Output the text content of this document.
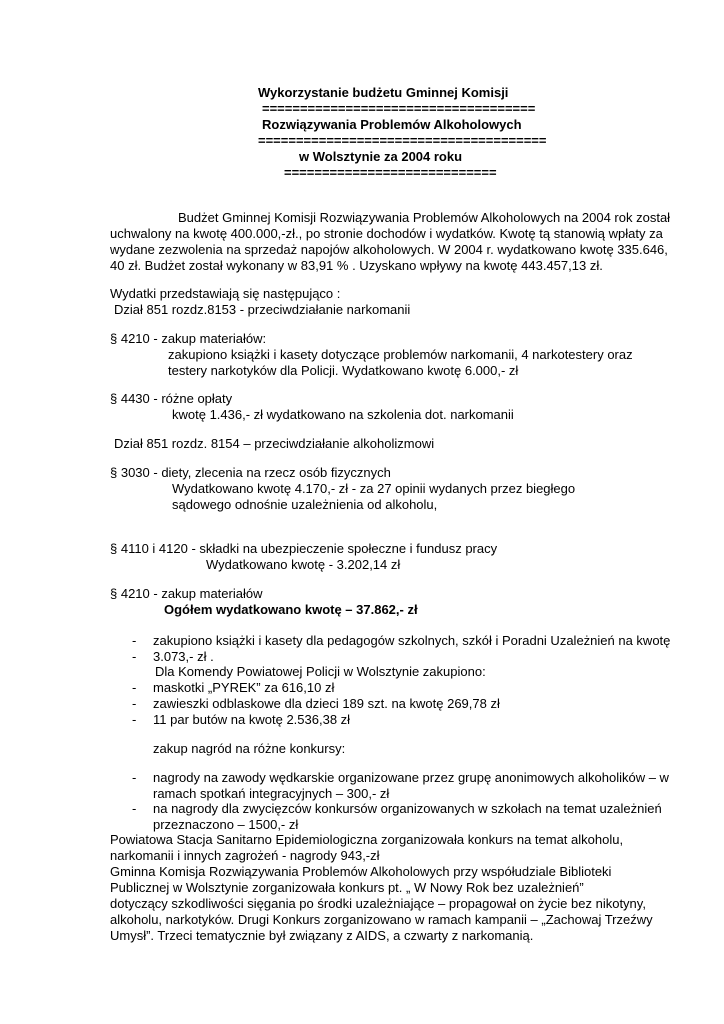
Wykorzystanie budżetu Gminnej Komisji
====================================
Rozwiązywania Problemów Alkoholowych
======================================
w Wolsztynie za 2004 roku
============================
Budżet Gminnej Komisji Rozwiązywania Problemów Alkoholowych na 2004 rok został
uchwalony na kwotę 400.000,-zł., po stronie dochodów i wydatków. Kwotę tą stanowią wpłaty za
wydane zezwolenia na sprzedaż napojów alkoholowych. W 2004 r. wydatkowano kwotę 335.646,
40 zł. Budżet został wykonany w 83,91 % . Uzyskano wpływy na kwotę 443.457,13 zł.
Wydatki przedstawiają się następująco :
Dział 851 rozdz.8153 - przeciwdziałanie narkomanii
§ 4210 - zakup materiałów:
zakupiono książki i kasety dotyczące problemów narkomanii, 4 narkotestery oraz
testery narkotyków dla Policji. Wydatkowano kwotę 6.000,- zł
§ 4430 - różne opłaty
kwotę 1.436,- zł wydatkowano na szkolenia dot. narkomanii
Dział 851 rozdz. 8154 – przeciwdziałanie alkoholizmowi
§ 3030 - diety, zlecenia na rzecz osób fizycznych
Wydatkowano kwotę 4.170,- zł - za 27 opinii wydanych przez biegłego
sądowego odnośnie uzależnienia od alkoholu,
§ 4110 i 4120 - składki na ubezpieczenie społeczne i fundusz pracy
Wydatkowano kwotę - 3.202,14 zł
§ 4210 - zakup materiałów
Ogółem wydatkowano kwotę – 37.862,- zł
- zakupiono książki i kasety dla pedagogów szkolnych, szkół i Poradni Uzależnień na kwotę
- 3.073,- zł .
Dla Komendy Powiatowej Policji w Wolsztynie zakupiono:
- maskotki „PYREK” za 616,10 zł
- zawieszki odblaskowe dla dzieci 189 szt. na kwotę 269,78 zł
- 11 par butów na kwotę 2.536,38 zł
zakup nagród na różne konkursy:
- nagrody na zawody wędkarskie organizowane przez grupę anonimowych alkoholików – w
ramach spotkań integracyjnych – 300,- zł
- na nagrody dla zwycięzców konkursów organizowanych w szkołach na temat uzależnień
przeznaczono – 1500,- zł
Powiatowa Stacja Sanitarno Epidemiologiczna zorganizowała konkurs na temat alkoholu,
narkomanii i innych zagrożeń - nagrody 943,-zł
Gminna Komisja Rozwiązywania Problemów Alkoholowych przy współudziale Biblioteki
Publicznej w Wolsztynie zorganizowała konkurs pt. „ W Nowy Rok bez uzależnień”
dotyczący szkodliwości sięgania po środki uzależniające – propagował on życie bez nikotyny,
alkoholu, narkotyków. Drugi Konkurs zorganizowano w ramach kampanii – „Zachowaj Trzeźwy
Umysł”. Trzeci tematycznie był związany z AIDS, a czwarty z narkomanią.
